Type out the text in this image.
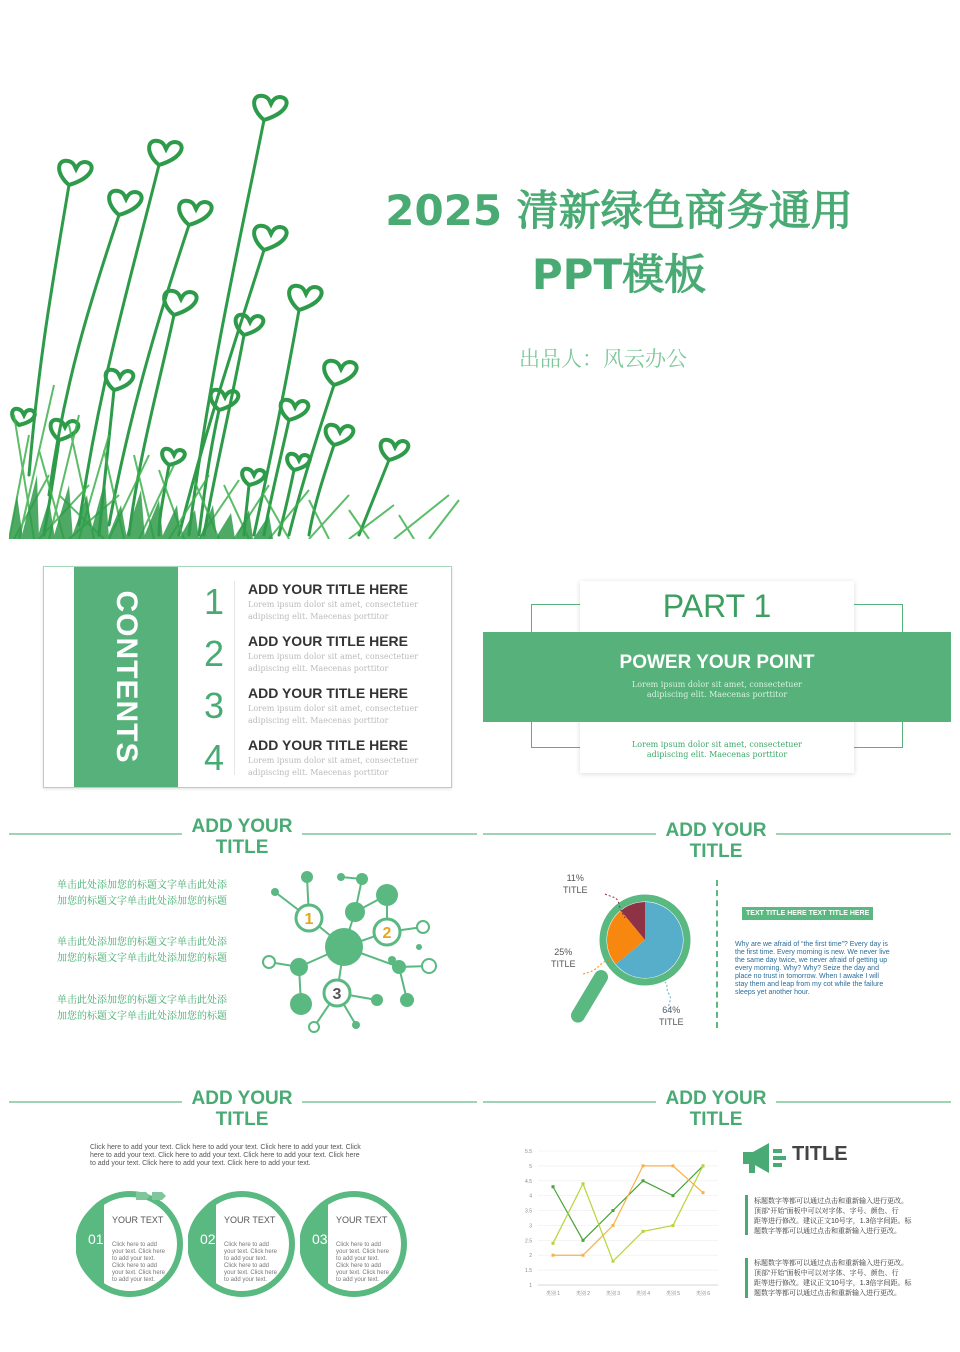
2025 清新绿色商务通用
PPT模板
出品人：风云办公
CONTENTS 1 ADD YOUR TITLE HERE
Lorem ipsum dolor sit amet, consectetuer
adipiscing elit. Maecenas porttitor
2 ADD YOUR TITLE HERE
Lorem ipsum dolor sit amet, consectetuer
adipiscing elit. Maecenas porttitor
3 ADD YOUR TITLE HERE
Lorem ipsum dolor sit amet, consectetuer
adipiscing elit. Maecenas porttitor
4 ADD YOUR TITLE HERE
Lorem ipsum dolor sit amet, consectetuer
adipiscing elit. Maecenas porttitor
PART 1
POWER YOUR POINT
Lorem ipsum dolor sit amet, consectetuer
adipiscing elit. Maecenas porttitor
Lorem ipsum dolor sit amet, consectetuer
adipiscing elit. Maecenas porttitor
ADD YOUR
TITLE
单击此处添加您的标题文字单击此处添
加您的标题文字单击此处添加您的标题
单击此处添加您的标题文字单击此处添
加您的标题文字单击此处添加您的标题
单击此处添加您的标题文字单击此处添
加您的标题文字单击此处添加您的标题
1
2
3
ADD YOUR
TITLE
11%
TITLE
25%
TITLE
64%
TITLE
TEXT TITLE HERE TEXT TITLE HERE
Why are we afraid of “the first time”? Every day is
the first time. Every morning is new. We never live
the same day twice, we never afraid of getting up
every morning. Why? Why? Seize the day and
place no trust in tomorrow. When I awake I will
stay them and leap from my cot while the failure
sleeps yet another hour.
ADD YOUR
TITLE
Click here to add your text. Click here to add your text. Click here to add your text. Click
here to add your text. Click here to add your text. Click here to add your text. Click here
to add your text. Click here to add your text. Click here to add your text.
01
YOUR TEXT
Click here to add
your text. Click here
to add your text.
Click here to add
your text. Click here
to add your text.
02
YOUR TEXT
Click here to add
your text. Click here
to add your text.
Click here to add
your text. Click here
to add your text.
03
YOUR TEXT
Click here to add
your text. Click here
to add your text.
Click here to add
your text. Click here
to add your text.
ADD YOUR
TITLE
1
1.5
2
2.5
3
3.5
4
4.5
5
5.5
类别 1	类别 2	类别 3	类别 4	类别 5	类别 6
TITLE
标题数字等都可以通过点击和重新输入进行更改。
顶部“开始”面板中可以对字体、字号、颜色、行
距等进行修改。建议正文10号字，1.3倍字间距。标
题数字等都可以通过点击和重新输入进行更改。
标题数字等都可以通过点击和重新输入进行更改。
顶部“开始”面板中可以对字体、字号、颜色、行
距等进行修改。建议正文10号字，1.3倍字间距。标
题数字等都可以通过点击和重新输入进行更改。
